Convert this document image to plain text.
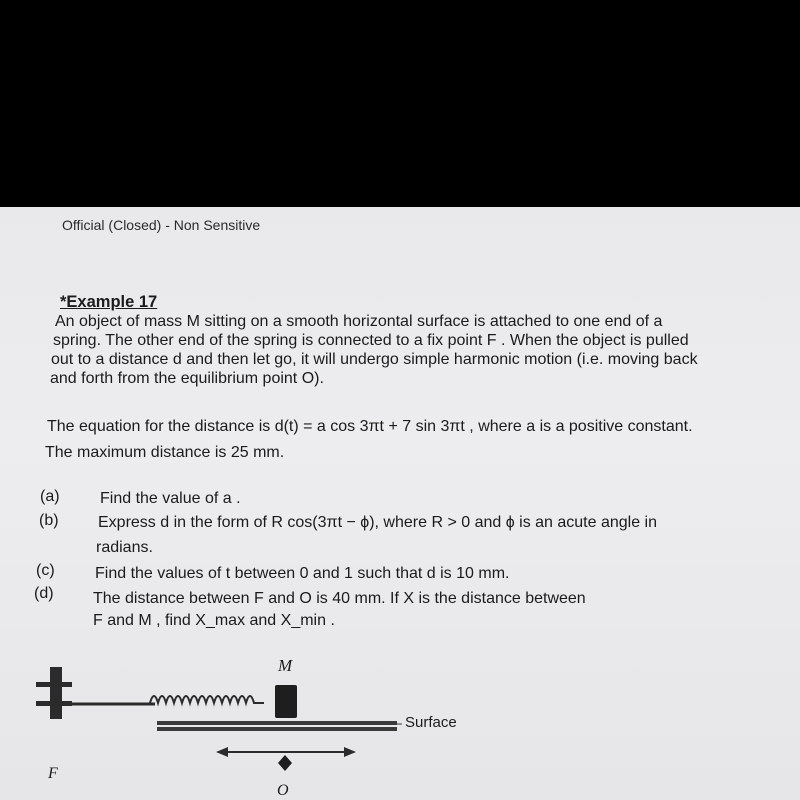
Official (Closed) - Non Sensitive
*Example 17
An object of mass M sitting on a smooth horizontal surface is attached to one end of a
spring. The other end of the spring is connected to a fix point F . When the object is pulled
out to a distance d and then let go, it will undergo simple harmonic motion (i.e. moving back
and forth from the equilibrium point O).
The equation for the distance is d(t) = a cos 3πt + 7 sin 3πt , where a is a positive constant.
The maximum distance is 25 mm.
(a)	Find the value of a .
(b) Express d in the form of R cos(3πt − ϕ), where R > 0 and ϕ is an acute angle in
radians.
(c)	Find the values of t between 0 and 1 such that d is 10 mm.
(d) The distance between F and O is 40 mm. If X is the distance between
F and M , find X_max and X_min .
M
Surface
F
O
